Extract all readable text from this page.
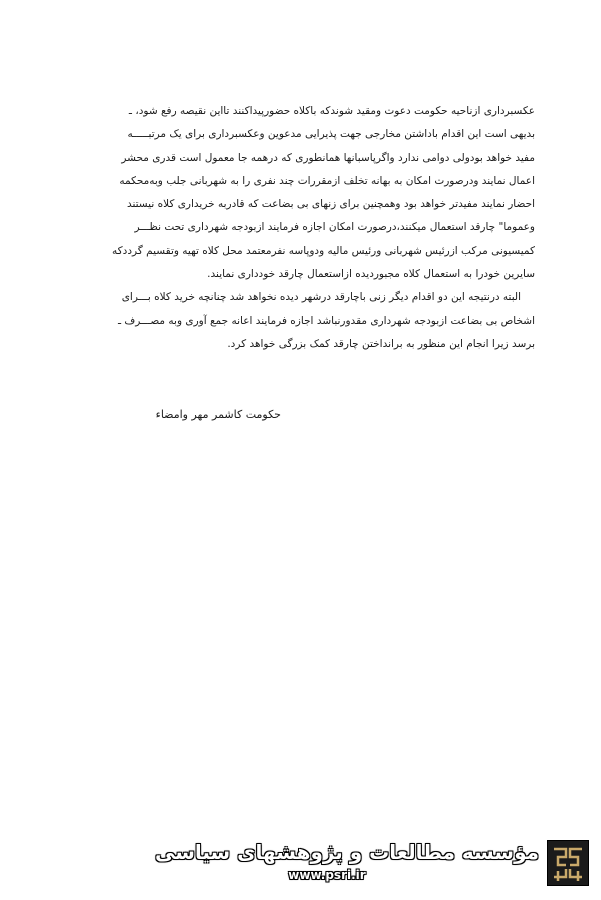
عکسبرداری ازناحیه حکومت دعوت ومقید شوندکه باکلاه حضورپیداکنند تااین نقیصه رفع شود، ـ
بدیهی است این اقدام باداشتن مخارجی جهت پذیرایی مدعوین وعکسبرداری برای یک مرتبـــــه
مفید خواهد بودولی دوامی ندارد واگرپاسبانها همانطوری که درهمه جا معمول است قدری محشر
اعمال نمایند ودرصورت امکان به بهانه تخلف ازمقررات چند نفری را به شهربانی جلب وبه‌محکمه
احضار نمایند مفیدتر خواهد بود وهمچنین برای زنهای بی بضاعت که قادربه خریداری کلاه نیستند
وعموما" چارقد استعمال میکنند،درصورت امکان اجازه فرمایند ازبودجه شهرداری تحت نظـــر
کمیسیونی مرکب ازرئیس شهربانی ورئیس مالیه ودوپاسه نفرمعتمد محل کلاه تهیه وتقسیم گرددکه
سایرین خودرا به استعمال کلاه مجبوردیده ازاستعمال چارقد خودداری نمایند.
البته درنتیجه این دو اقدام دیگر زنی باچارقد درشهر دیده نخواهد شد چنانچه خرید کلاه بـــرای
اشخاص بی بضاعت ازبودجه شهرداری مقدورنباشد اجازه فرمایند اعانه جمع آوری وبه مصـــرف ـ
برسد زیرا انجام این منظور به برانداختن چارقد کمک بزرگی خواهد کرد.
حکومت کاشمر مهر وامضاء
مؤسسه مطالعات و پژوهشهای سیاسی
www.psri.ir
